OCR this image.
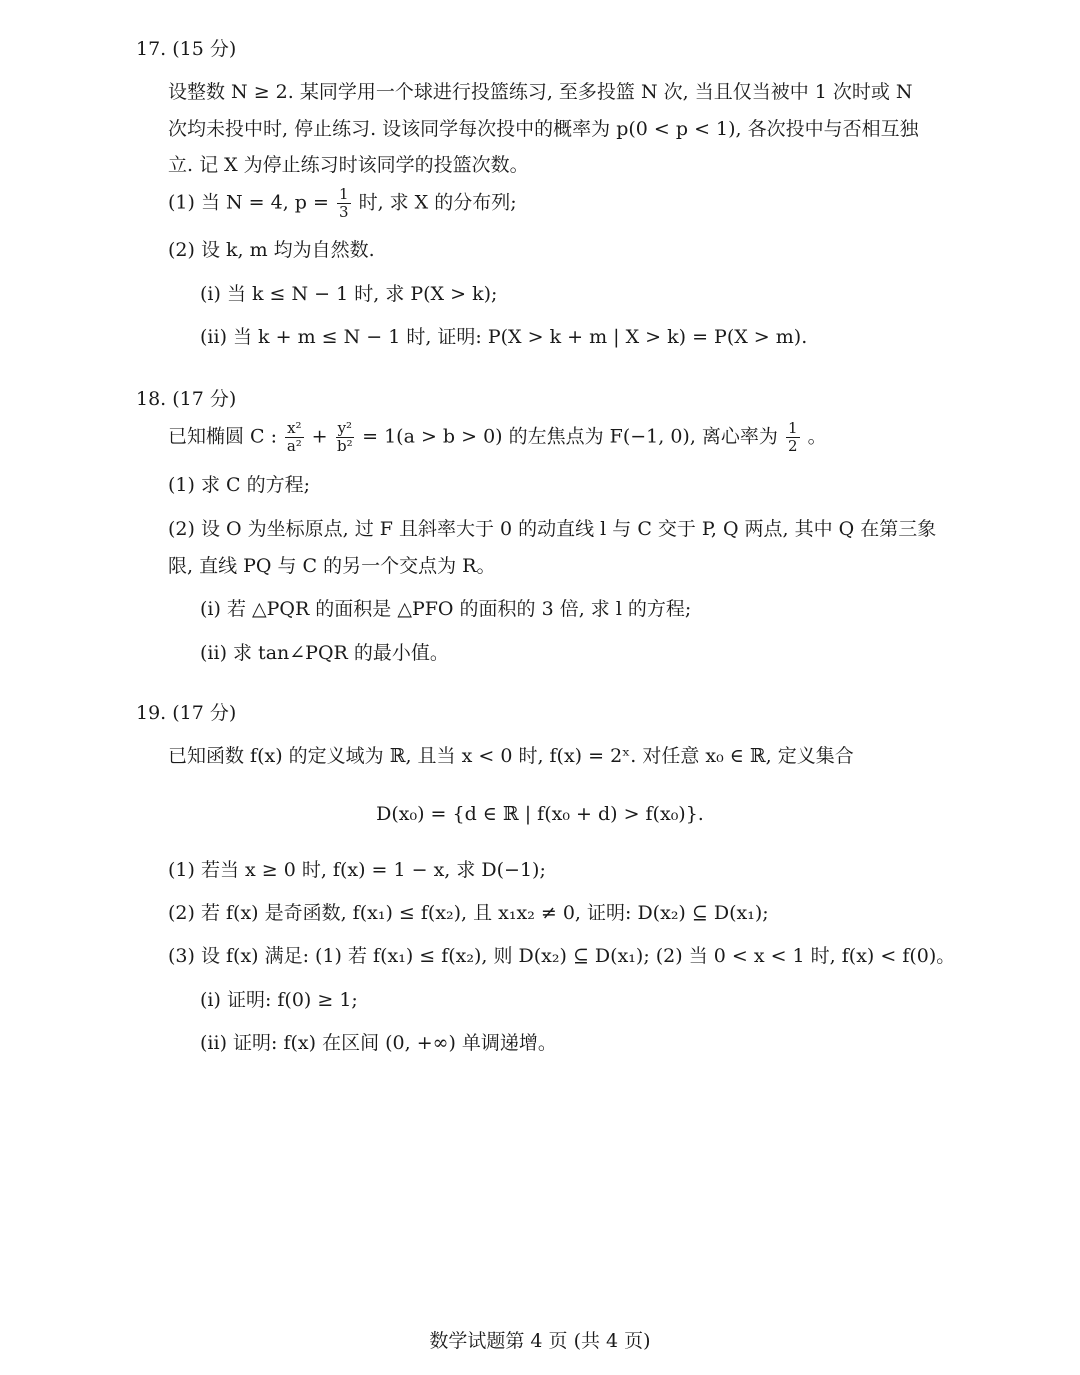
17. (15 分)
设整数 N ≥ 2. 某同学用一个球进行投篮练习, 至多投篮 N 次, 当且仅当被中 1 次时或 N
次均未投中时, 停止练习. 设该同学每次投中的概率为 p(0 < p < 1), 各次投中与否相互独
立. 记 X 为停止练习时该同学的投篮次数。
(1) 当 N = 4, $p = \frac{1}{3}$ 时, 求 X 的分布列;
(2) 设 k, m 均为自然数.
(i) 当 k ≤ N − 1 时, 求 P(X > k);
(ii) 当 k + m ≤ N − 1 时, 证明: P(X > k + m | X > k) = P(X > m).
18. (17 分)
已知椭圆 C : $\frac{\text{x²}}{\text{a²}} + \frac{\text{y²}}{\text{b²}} = 1(a > b > 0)$ 的左焦点为 F(−1, 0), 离心率为 $\frac{1}{2}$ 。
(1) 求 C 的方程;
(2) 设 O 为坐标原点, 过 F 且斜率大于 0 的动直线 l 与 C 交于 P, Q 两点, 其中 Q 在第三象
限, 直线 PQ 与 C 的另一个交点为 R。
(i) 若 △PQR 的面积是 △PFO 的面积的 3 倍, 求 l 的方程;
(ii) 求 tan∠PQR 的最小值。
19. (17 分)
已知函数 f(x) 的定义域为 ℝ, 且当 x < 0 时, f(x) = 2ˣ. 对任意 x₀ ∈ ℝ, 定义集合
D(x₀) = {d ∈ ℝ | f(x₀ + d) > f(x₀)}.
(1) 若当 x ≥ 0 时, f(x) = 1 − x, 求 D(−1);
(2) 若 f(x) 是奇函数, f(x₁) ≤ f(x₂), 且 x₁x₂ ≠ 0, 证明: D(x₂) ⊆ D(x₁);
(3) 设 f(x) 满足: (1) 若 f(x₁) ≤ f(x₂), 则 D(x₂) ⊆ D(x₁); (2) 当 0 < x < 1 时, f(x) < f(0)。
(i) 证明: f(0) ≥ 1;
(ii) 证明: f(x) 在区间 (0, +∞) 单调递增。
数学试题第 4 页 (共 4 页)
